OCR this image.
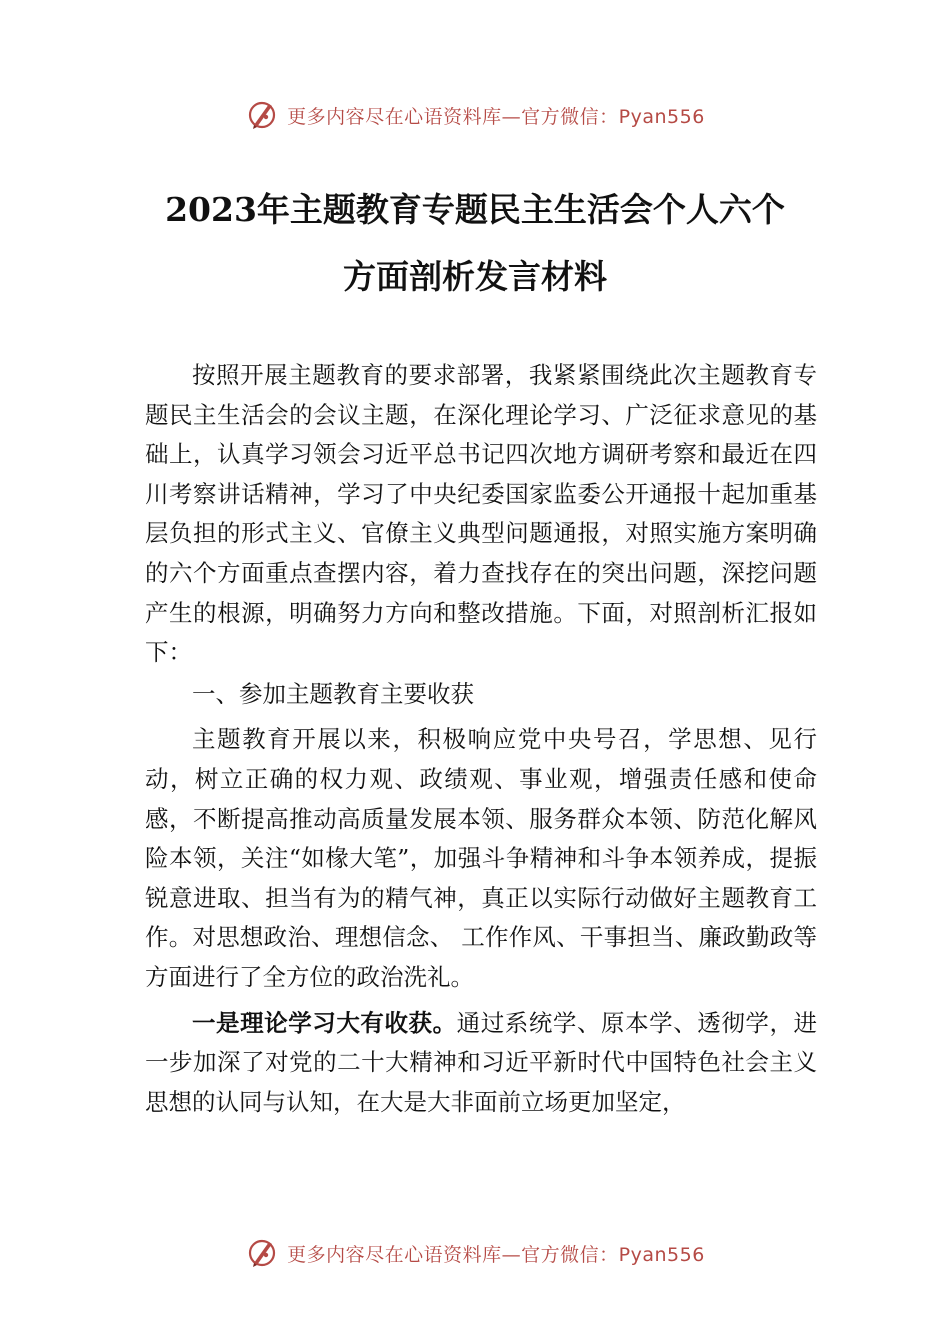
更多内容尽在心语资料库—官方微信：Pyan556
2023年主题教育专题民主生活会个人六个
方面剖析发言材料

按照开展主题教育的要求部署，我紧紧围绕此次主题教育专题民主生活会的会议主题，在深化理论学习、广泛征求意见的基础上，认真学习领会习近平总书记四次地方调研考察和最近在四川考察讲话精神，学习了中央纪委国家监委公开通报十起加重基层负担的形式主义、官僚主义典型问题通报，对照实施方案明确的六个方面重点查摆内容，着力查找存在的突出问题，深挖问题产生的根源，明确努力方向和整改措施。下面，对照剖析汇报如下：

一、参加主题教育主要收获

主题教育开展以来，积极响应党中央号召，学思想、见行动，树立正确的权力观、政绩观、事业观，增强责任感和使命感，不断提高推动高质量发展本领、服务群众本领、防范化解风险本领，关注“如椽大笔”，加强斗争精神和斗争本领养成，提振锐意进取、担当有为的精气神，真正以实际行动做好主题教育工作。对思想政治、理想信念、 工作作风、干事担当、廉政勤政等方面进行了全方位的政治洗礼。

一是理论学习大有收获。通过系统学、原本学、透彻学，进一步加深了对党的二十大精神和习近平新时代中国特色社会主义思想的认同与认知，在大是大非面前立场更加坚定，

更多内容尽在心语资料库—官方微信：Pyan556
